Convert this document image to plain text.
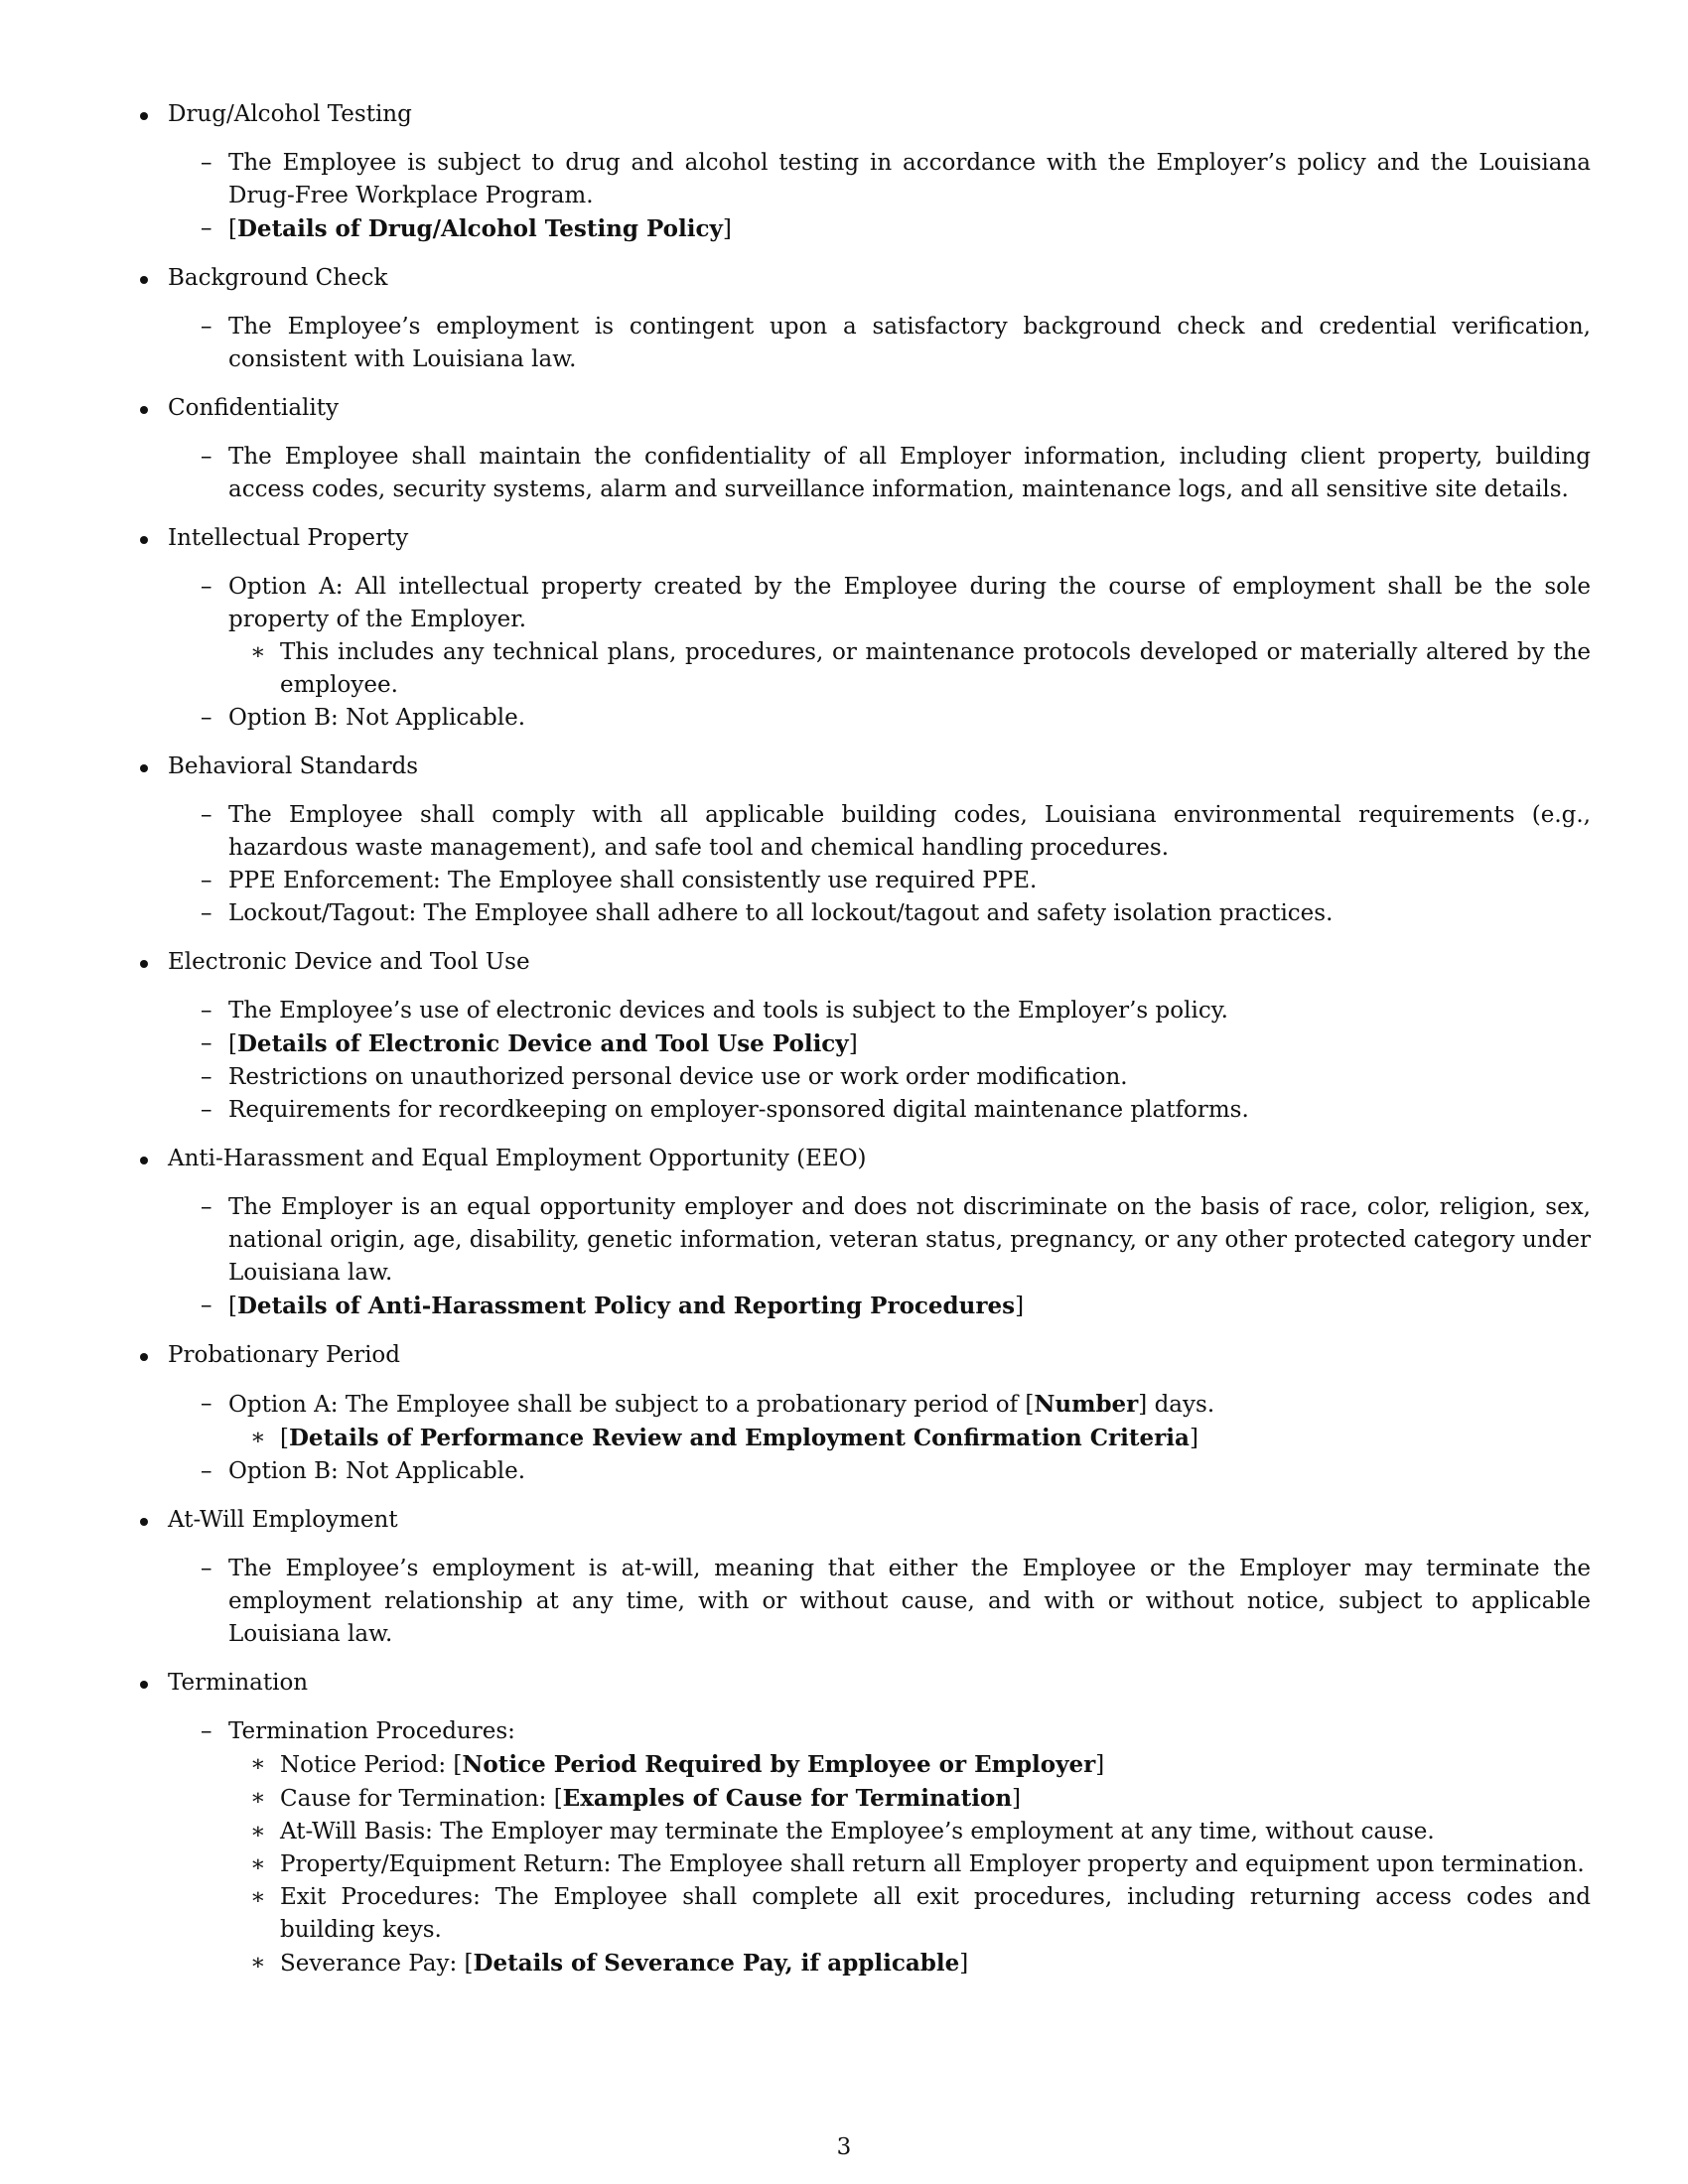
Drug/Alcohol Testing
– The Employee is subject to drug and alcohol testing in accordance with the Employer’s policy and the Louisiana Drug-Free Workplace Program.
– [Details of Drug/Alcohol Testing Policy]
Background Check
– The Employee’s employment is contingent upon a satisfactory background check and credential verification, consistent with Louisiana law.
Confidentiality
– The Employee shall maintain the confidentiality of all Employer information, including client property, building access codes, security systems, alarm and surveillance information, maintenance logs, and all sensitive site details.
Intellectual Property
– Option A: All intellectual property created by the Employee during the course of employment shall be the sole property of the Employer.
∗ This includes any technical plans, procedures, or maintenance protocols developed or materially altered by the employee.
– Option B: Not Applicable.
Behavioral Standards
– The Employee shall comply with all applicable building codes, Louisiana environmental requirements (e.g., hazardous waste management), and safe tool and chemical handling procedures.
– PPE Enforcement: The Employee shall consistently use required PPE.
– Lockout/Tagout: The Employee shall adhere to all lockout/tagout and safety isolation practices.
Electronic Device and Tool Use
– The Employee’s use of electronic devices and tools is subject to the Employer’s policy.
– [Details of Electronic Device and Tool Use Policy]
– Restrictions on unauthorized personal device use or work order modification.
– Requirements for recordkeeping on employer-sponsored digital maintenance platforms.
Anti-Harassment and Equal Employment Opportunity (EEO)
– The Employer is an equal opportunity employer and does not discriminate on the basis of race, color, religion, sex, national origin, age, disability, genetic information, veteran status, pregnancy, or any other protected category under Louisiana law.
– [Details of Anti-Harassment Policy and Reporting Procedures]
Probationary Period
– Option A: The Employee shall be subject to a probationary period of [Number] days.
∗ [Details of Performance Review and Employment Confirmation Criteria]
– Option B: Not Applicable.
At-Will Employment
– The Employee’s employment is at-will, meaning that either the Employee or the Employer may terminate the employment relationship at any time, with or without cause, and with or without notice, subject to applicable Louisiana law.
Termination
– Termination Procedures:
∗ Notice Period: [Notice Period Required by Employee or Employer]
∗ Cause for Termination: [Examples of Cause for Termination]
∗ At-Will Basis: The Employer may terminate the Employee’s employment at any time, without cause.
∗ Property/Equipment Return: The Employee shall return all Employer property and equipment upon termination.
∗ Exit Procedures: The Employee shall complete all exit procedures, including returning access codes and building keys.
∗ Severance Pay: [Details of Severance Pay, if applicable]
3
